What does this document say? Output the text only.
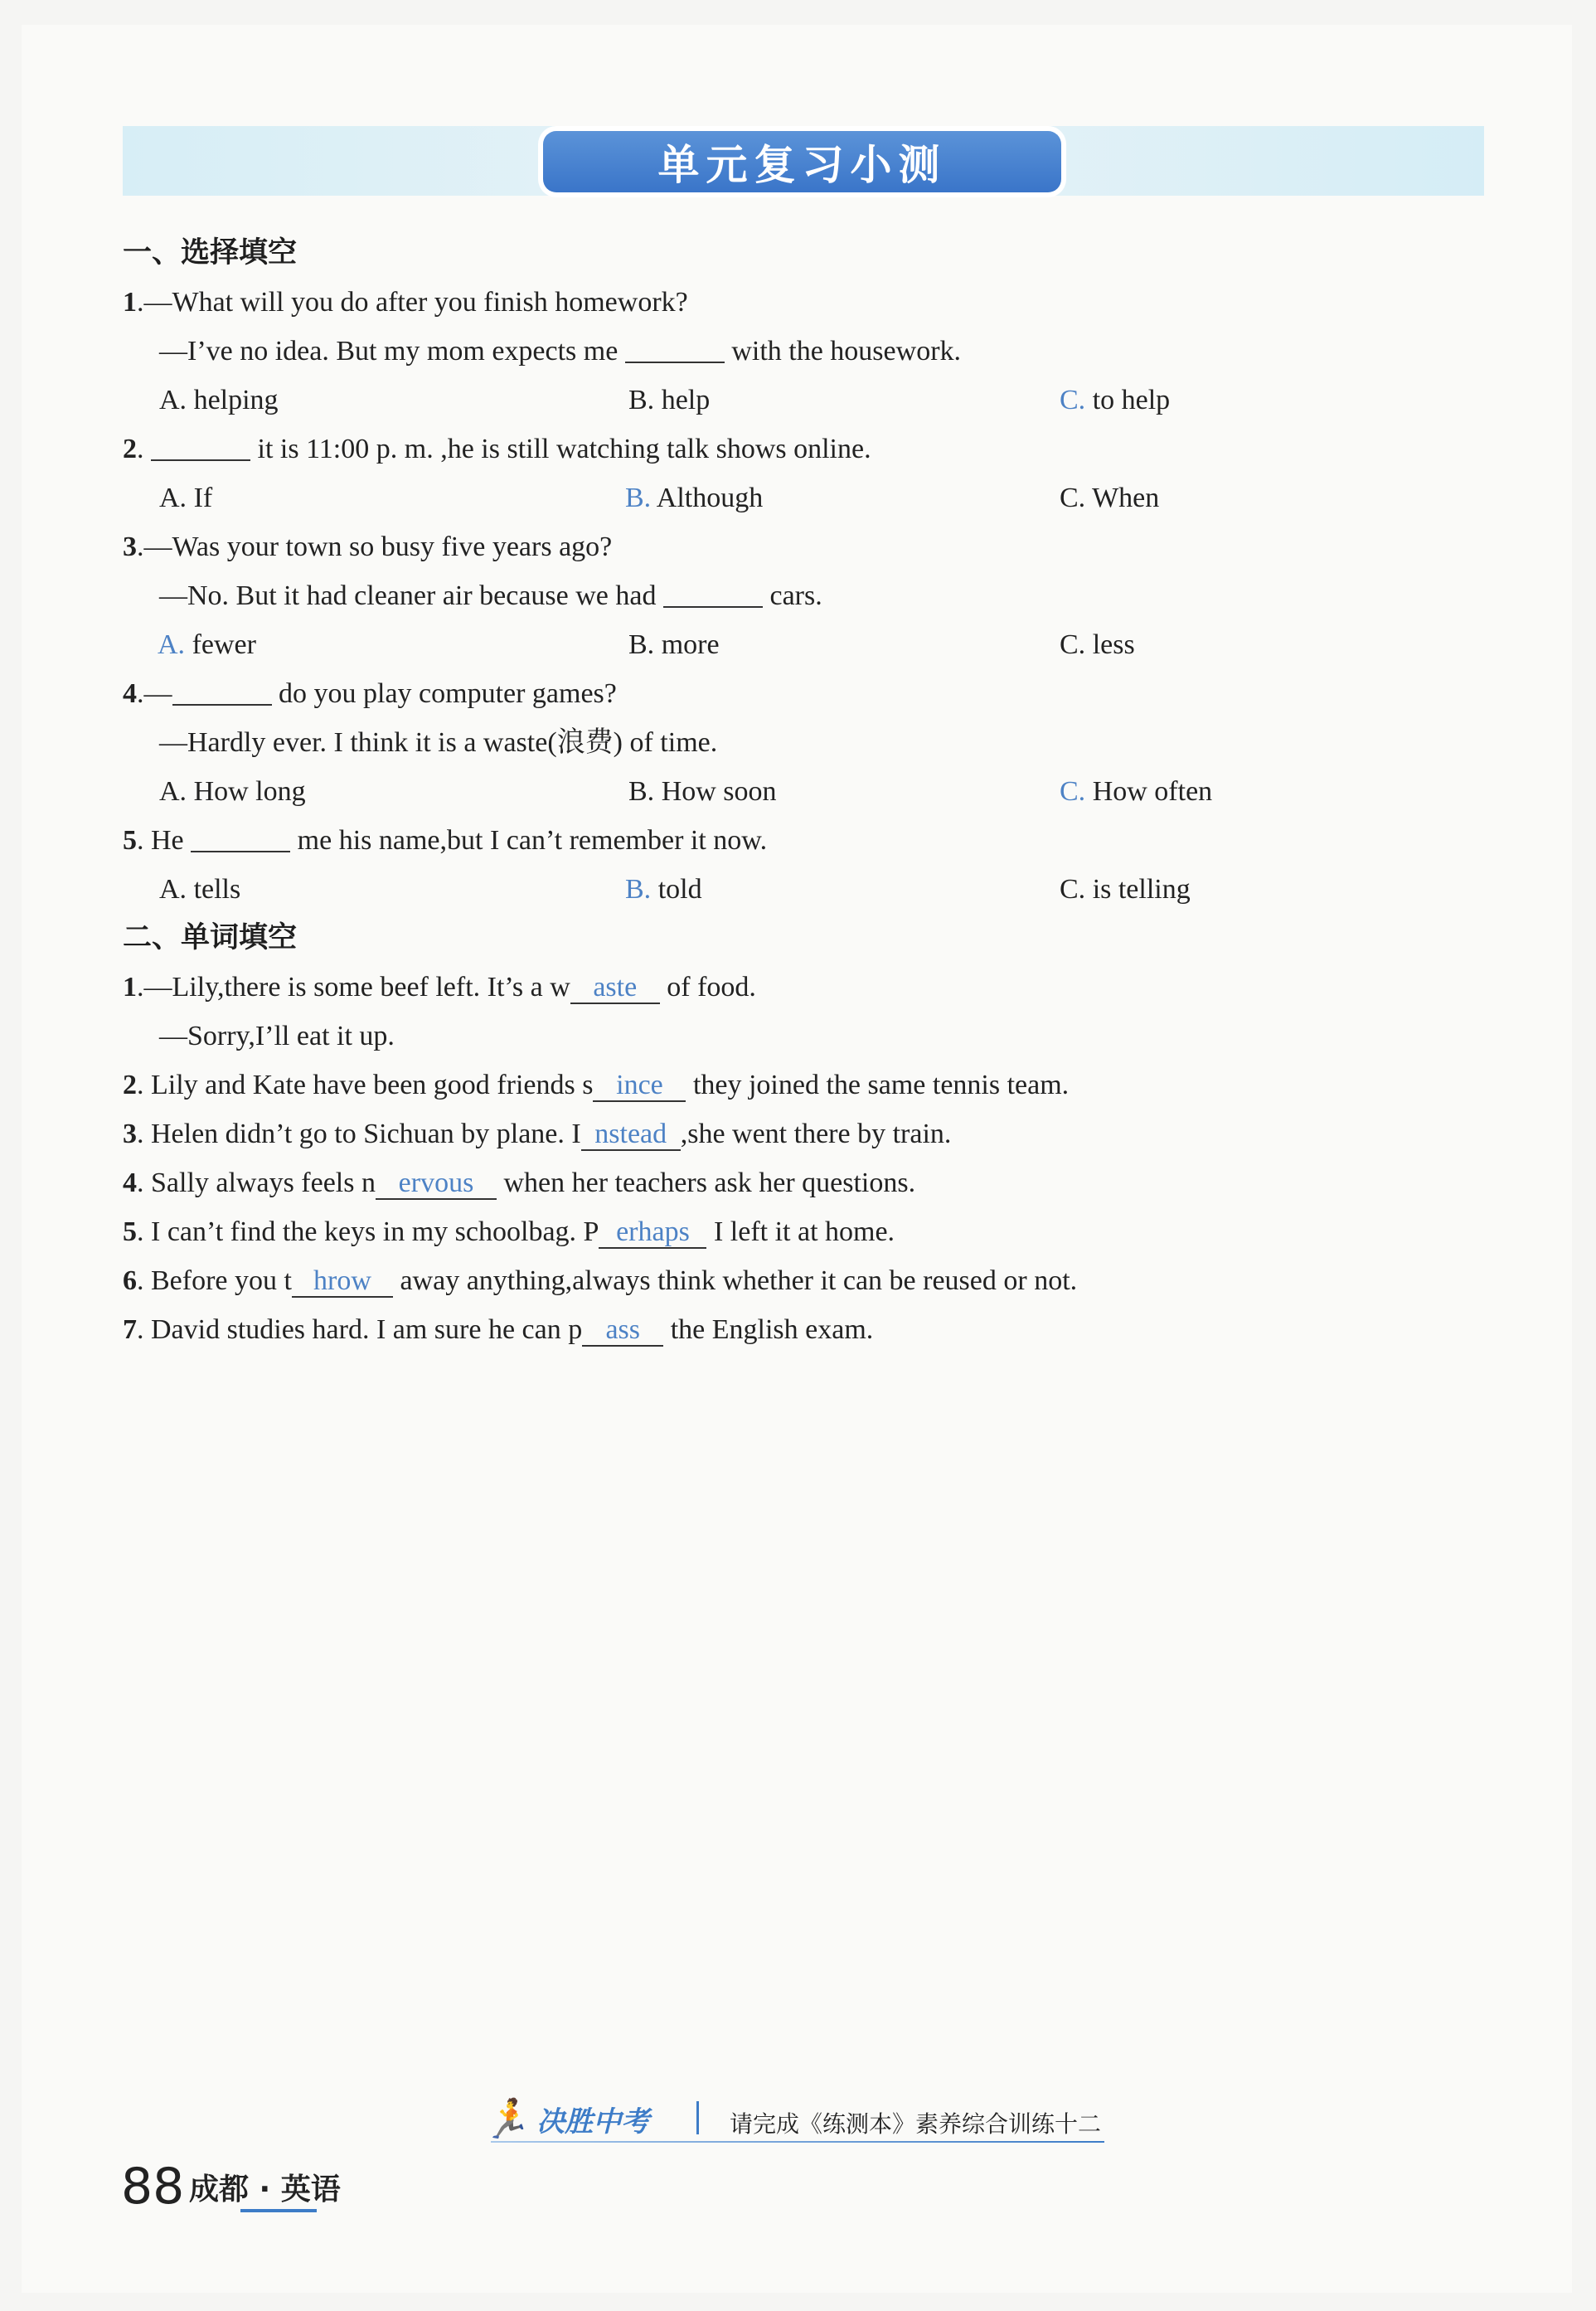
单元复习小测
一、选择填空
1.—What will you do after you finish homework?
—I’ve no idea. But my mom expects me	with the housework.
A. helping	B. help	C. to help
2.	it is 11:00 p. m. ,he is still watching talk shows online.
A. If	B. Although	C. When
3.—Was your town so busy five years ago?
—No. But it had cleaner air because we had	cars.
A. fewer	B. more	C. less
4.—	do you play computer games?
—Hardly ever. I think it is a waste(浪费) of time.
A. How long	B. How soon	C. How often
5. He	me his name,but I can’t remember it now.
A. tells	B. told	C. is telling
二、单词填空
1.—Lily,there is some beef left. It’s a w aste of food.
—Sorry,I’ll eat it up.
2. Lily and Kate have been good friends s ince they joined the same tennis team.
3. Helen didn’t go to Sichuan by plane. I nstead ,she went there by train.
4. Sally always feels n ervous when her teachers ask her questions.
5. I can’t find the keys in my schoolbag. P erhaps I left it at home.
6. Before you t hrow away anything,always think whether it can be reused or not.
7. David studies hard. I am sure he can p ass the English exam.
🏃 决胜中考	请完成《练测本》素养综合训练十二
88 成都 · 英语
